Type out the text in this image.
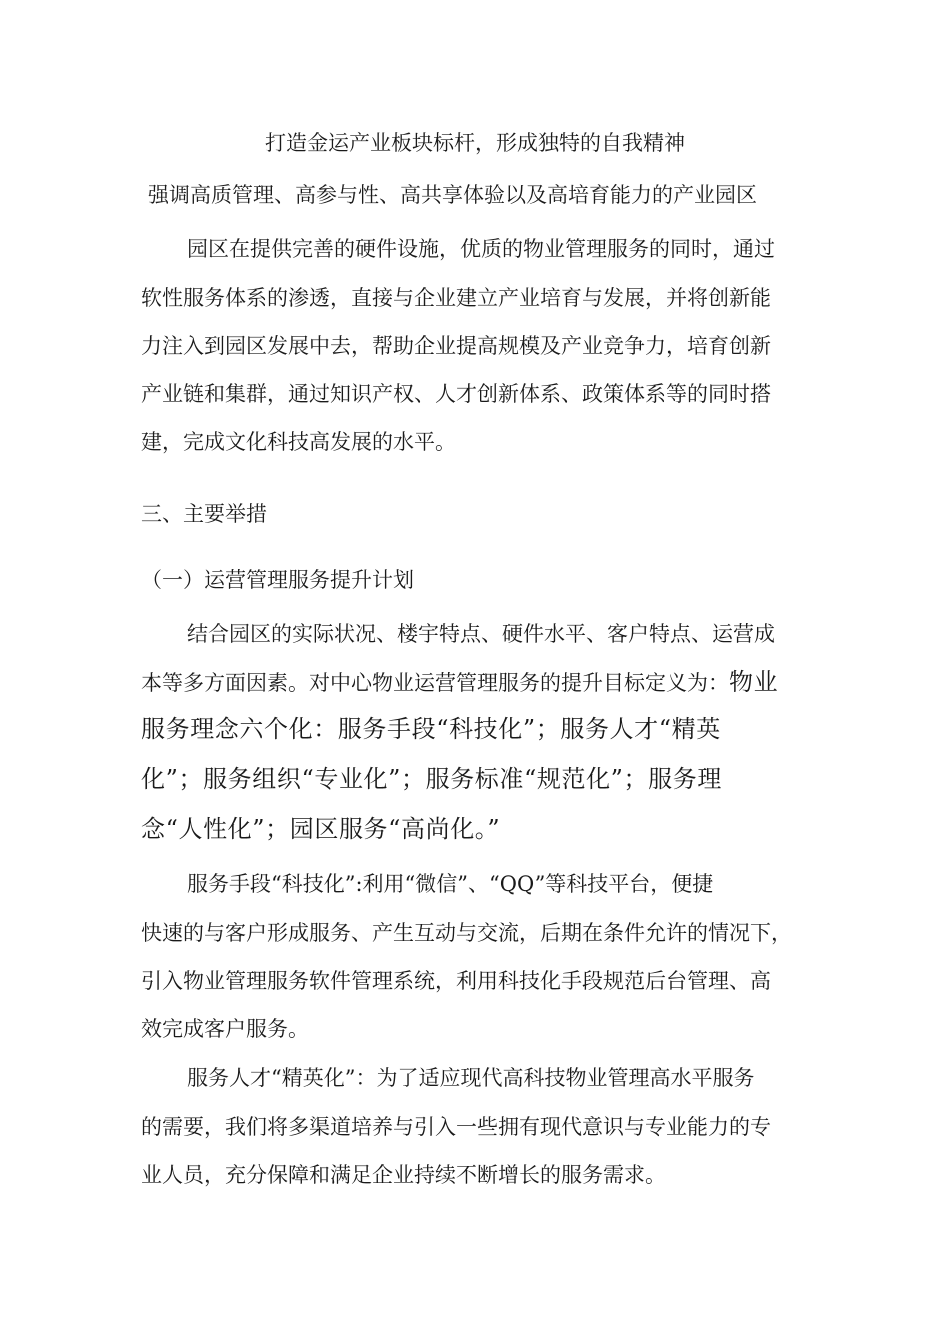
打造金运产业板块标杆，形成独特的自我精神

强调高质管理、高参与性、高共享体验以及高培育能力的产业园区

园区在提供完善的硬件设施，优质的物业管理服务的同时，通过

软性服务体系的渗透，直接与企业建立产业培育与发展，并将创新能

力注入到园区发展中去，帮助企业提高规模及产业竞争力，培育创新

产业链和集群，通过知识产权、人才创新体系、政策体系等的同时搭

建，完成文化科技高发展的水平。

三、主要举措

（一）运营管理服务提升计划

结合园区的实际状况、楼宇特点、硬件水平、客户特点、运营成

本等多方面因素。对中心物业运营管理服务的提升目标定义为：物业

服务理念六个化：服务手段“科技化”；服务人才“精英

化”；服务组织“专业化”；服务标准“规范化”；服务理

念“人性化”；园区服务“高尚化。”

服务手段“科技化”:利用“微信”、“QQ”等科技平台，便捷

快速的与客户形成服务、产生互动与交流，后期在条件允许的情况下，

引入物业管理服务软件管理系统，利用科技化手段规范后台管理、高

效完成客户服务。

服务人才“精英化”：为了适应现代高科技物业管理高水平服务

的需要，我们将多渠道培养与引入一些拥有现代意识与专业能力的专

业人员，充分保障和满足企业持续不断增长的服务需求。
